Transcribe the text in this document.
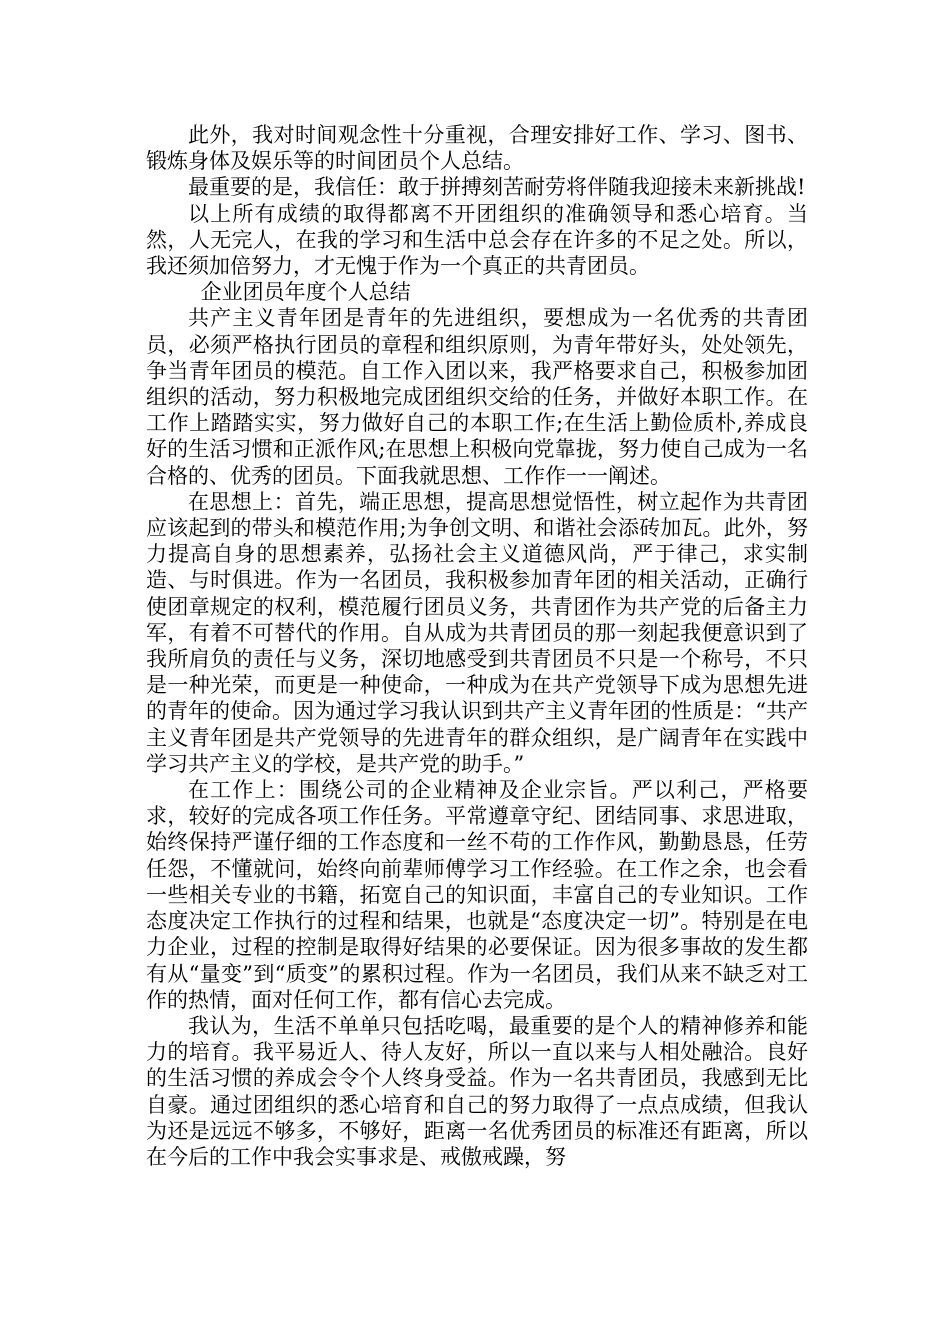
此外，我对时间观念性十分重视，合理安排好工作、学习、图书、锻炼身体及娱乐等的时间团员个人总结。

最重要的是，我信任：敢于拼搏刻苦耐劳将伴随我迎接未来新挑战!

以上所有成绩的取得都离不开团组织的准确领导和悉心培育。当然，人无完人，在我的学习和生活中总会存在许多的不足之处。所以，我还须加倍努力，才无愧于作为一个真正的共青团员。

企业团员年度个人总结

共产主义青年团是青年的先进组织，要想成为一名优秀的共青团员，必须严格执行团员的章程和组织原则，为青年带好头，处处领先，争当青年团员的模范。自工作入团以来，我严格要求自己，积极参加团组织的活动，努力积极地完成团组织交给的任务，并做好本职工作。在工作上踏踏实实，努力做好自己的本职工作;在生活上勤俭质朴,养成良好的生活习惯和正派作风;在思想上积极向党靠拢，努力使自己成为一名合格的、优秀的团员。下面我就思想、工作作一一阐述。

在思想上：首先，端正思想，提高思想觉悟性，树立起作为共青团应该起到的带头和模范作用;为争创文明、和谐社会添砖加瓦。此外，努力提高自身的思想素养，弘扬社会主义道德风尚，严于律己，求实制造、与时俱进。作为一名团员，我积极参加青年团的相关活动，正确行使团章规定的权利，模范履行团员义务，共青团作为共产党的后备主力军，有着不可替代的作用。自从成为共青团员的那一刻起我便意识到了我所肩负的责任与义务，深切地感受到共青团员不只是一个称号，不只是一种光荣，而更是一种使命，一种成为在共产党领导下成为思想先进的青年的使命。因为通过学习我认识到共产主义青年团的性质是：“共产主义青年团是共产党领导的先进青年的群众组织，是广阔青年在实践中学习共产主义的学校，是共产党的助手。”

在工作上：围绕公司的企业精神及企业宗旨。严以利己，严格要求，较好的完成各项工作任务。平常遵章守纪、团结同事、求思进取，始终保持严谨仔细的工作态度和一丝不苟的工作作风，勤勤恳恳，任劳任怨，不懂就问，始终向前辈师傅学习工作经验。在工作之余，也会看一些相关专业的书籍，拓宽自己的知识面，丰富自己的专业知识。工作态度决定工作执行的过程和结果，也就是“态度决定一切”。特别是在电力企业，过程的控制是取得好结果的必要保证。因为很多事故的发生都有从“量变”到“质变”的累积过程。作为一名团员，我们从来不缺乏对工作的热情，面对任何工作，都有信心去完成。

我认为，生活不单单只包括吃喝，最重要的是个人的精神修养和能力的培育。我平易近人、待人友好，所以一直以来与人相处融洽。良好的生活习惯的养成会令个人终身受益。作为一名共青团员，我感到无比自豪。通过团组织的悉心培育和自己的努力取得了一点点成绩，但我认为还是远远不够多，不够好，距离一名优秀团员的标准还有距离，所以在今后的工作中我会实事求是、戒傲戒躁，努
